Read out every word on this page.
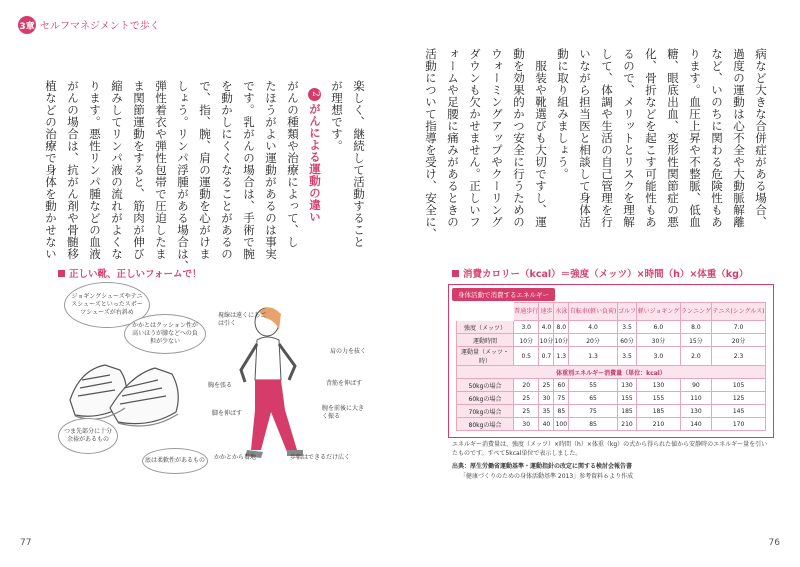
3章 セルフマネジメントで歩く

病など大きな合併症がある場合、

過度の運動は心不全や大動脈解離

など、いのちに関わる危険性もあ

ります。血圧上昇や不整脈、低血

糖、眼底出血、変形性関節症の悪

化、骨折などを起こす可能性もあ

るので、メリットとリスクを理解

して、体調や生活の自己管理を行

いながら担当医と相談して身体活

動に取り組みましょう。

服装や靴選びも大切ですし、運

動を効果的かつ安全に行うための

ウォーミングアップやクーリング

ダウンも欠かせません。正しいフ

ォームや足腰に痛みがあるときの

活動について指導を受け、安全に、

楽しく、継続して活動すること

が理想です。

2がんによる運動の違い

がんの種類や治療によって、し

たほうがよい運動があるのは事実

です。乳がんの場合は、手術で腕

を動かしにくくなることがあるの

で、指、腕、肩の運動を心がけま

しょう。リンパ浮腫がある場合は、

弾性着衣や弾性包帯で圧迫したま

ま関節運動をすると、筋肉が伸び

縮みしてリンパ液の流れがよくな

ります。悪性リンパ腫などの血液

がんの場合は、抗がん剤や骨髄移

植などの治療で身体を動かせない

正しい靴、正しいフォームで！
ジョギングシューズやテニスシューズといったスポーツシューズが右斜め
かかとはクッション性が高いほうが膝などへの負担が少ない
つま先部分に十分余裕があるもの
底は柔軟性があるもの
視線は遠くにあごは引く
肩の力を抜く
背筋を伸ばす
胸を張る
腕を前後に大きく振る
脚を伸ばす
かかとから着地	歩幅はできるだけ広く
消費カロリー（kcal）＝強度（メッツ）×時間（h）×体重（kg）
身体活動で消費するエネルギー
	普通歩行	速歩	水泳	自転車(軽い負荷)	ゴルフ	軽いジョギング	ランニング	テニス(シングルス)
強度（メッツ）	3.0	4.0	8.0	4.0	3.5	6.0	8.0	7.0
運動時間	10分	10分	10分	20分	60分	30分	15分	20分
運動量（メッツ・時）	0.5	0.7	1.3	1.3	3.5	3.0	2.0	2.3
体重別エネルギー消費量（単位：kcal）								
50kgの場合	20	25	60	55	130	130	90	105
60kgの場合	25	30	75	65	155	155	110	125
70kgの場合	25	35	85	75	185	185	130	145
80kgの場合	30	40	100	85	210	210	140	170
エネルギー消費量は、強度（メッツ）×時間（h）×体重（kg）の式から得られた値から安静時のエネルギー量を引いたものです。すべて5kcal単位で表示しました。
出典：厚生労働省運動基準・運動指針の改定に関する検討会報告書
「健康づくりのための身体活動基準 2013」参考資料６より作成
77	76
